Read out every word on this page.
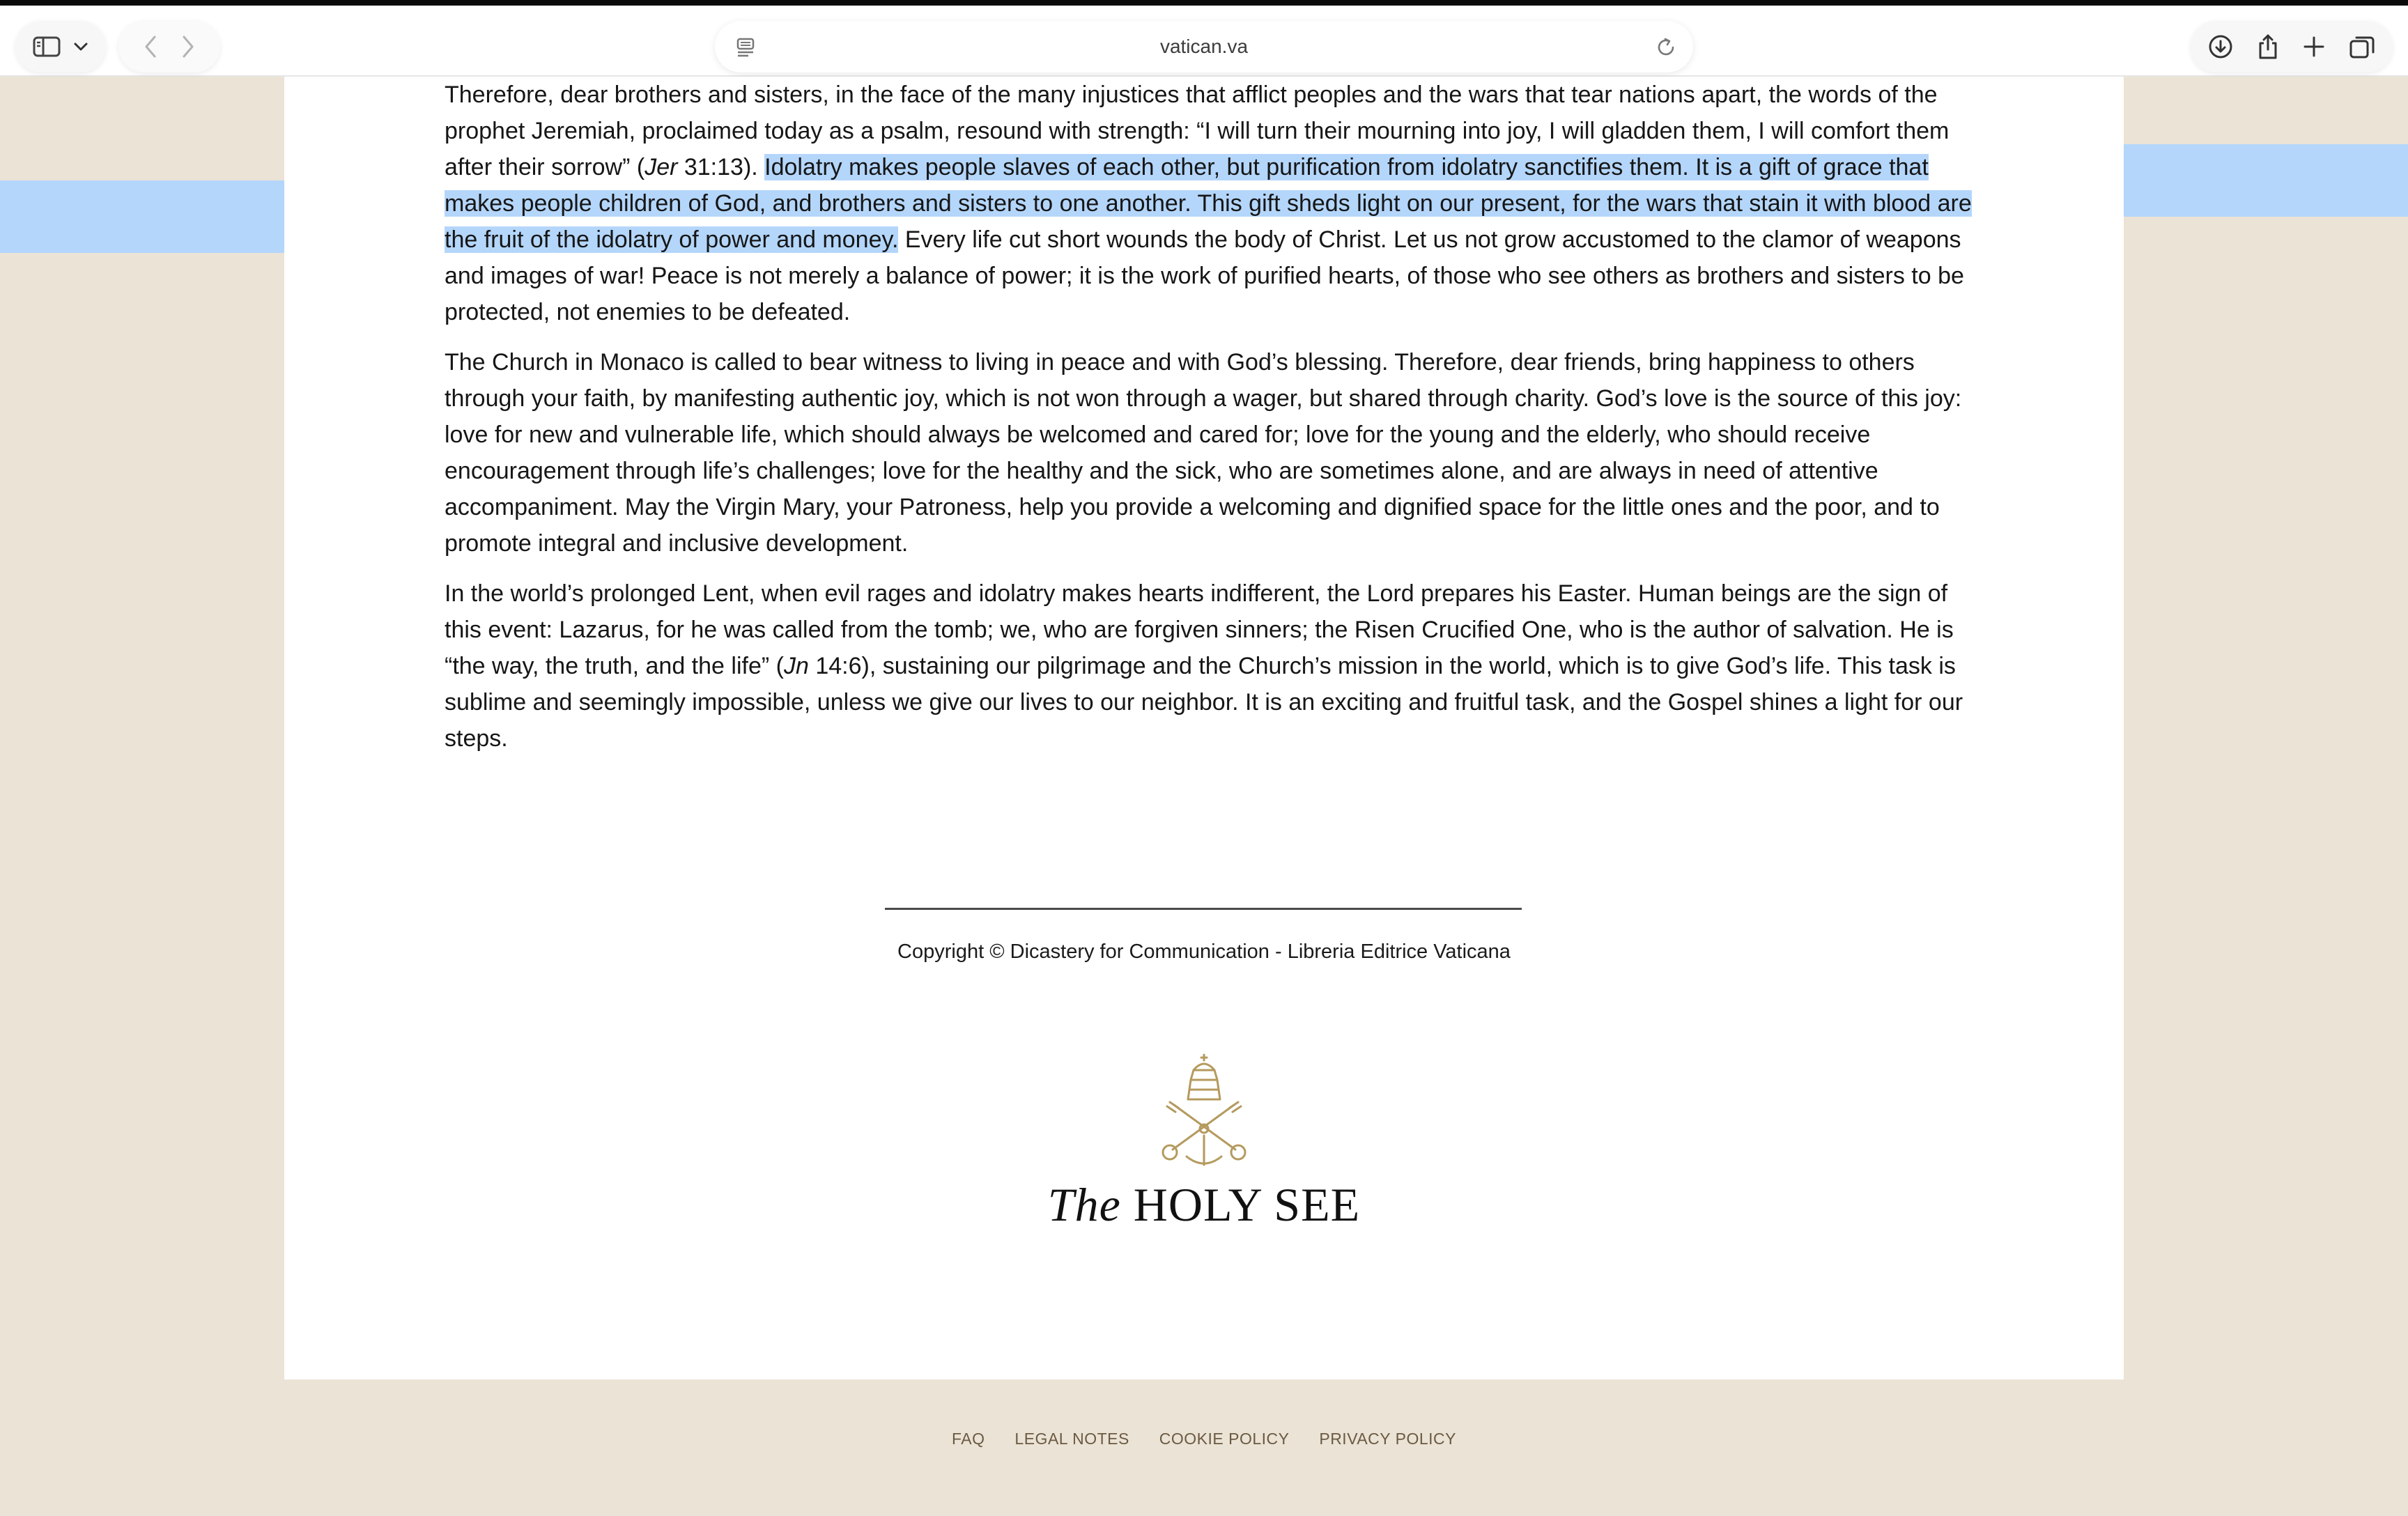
vatican.va

Therefore, dear brothers and sisters, in the face of the many injustices that afflict peoples and the wars that tear nations apart, the words of the prophet Jeremiah, proclaimed today as a psalm, resound with strength: “I will turn their mourning into joy, I will gladden them, I will comfort them after their sorrow” (Jer 31:13). Idolatry makes people slaves of each other, but purification from idolatry sanctifies them. It is a gift of grace that makes people children of God, and brothers and sisters to one another. This gift sheds light on our present, for the wars that stain it with blood are the fruit of the idolatry of power and money. Every life cut short wounds the body of Christ. Let us not grow accustomed to the clamor of weapons and images of war! Peace is not merely a balance of power; it is the work of purified hearts, of those who see others as brothers and sisters to be protected, not enemies to be defeated.

The Church in Monaco is called to bear witness to living in peace and with God’s blessing. Therefore, dear friends, bring happiness to others through your faith, by manifesting authentic joy, which is not won through a wager, but shared through charity. God’s love is the source of this joy: love for new and vulnerable life, which should always be welcomed and cared for; love for the young and the elderly, who should receive encouragement through life’s challenges; love for the healthy and the sick, who are sometimes alone, and are always in need of attentive accompaniment. May the Virgin Mary, your Patroness, help you provide a welcoming and dignified space for the little ones and the poor, and to promote integral and inclusive development.

In the world’s prolonged Lent, when evil rages and idolatry makes hearts indifferent, the Lord prepares his Easter. Human beings are the sign of this event: Lazarus, for he was called from the tomb; we, who are forgiven sinners; the Risen Crucified One, who is the author of salvation. He is “the way, the truth, and the life” (Jn 14:6), sustaining our pilgrimage and the Church’s mission in the world, which is to give God’s life. This task is sublime and seemingly impossible, unless we give our lives to our neighbor. It is an exciting and fruitful task, and the Gospel shines a light for our steps.

Copyright © Dicastery for Communication - Libreria Editrice Vaticana
The HOLY SEE
FAQ LEGAL NOTES COOKIE POLICY PRIVACY POLICY
